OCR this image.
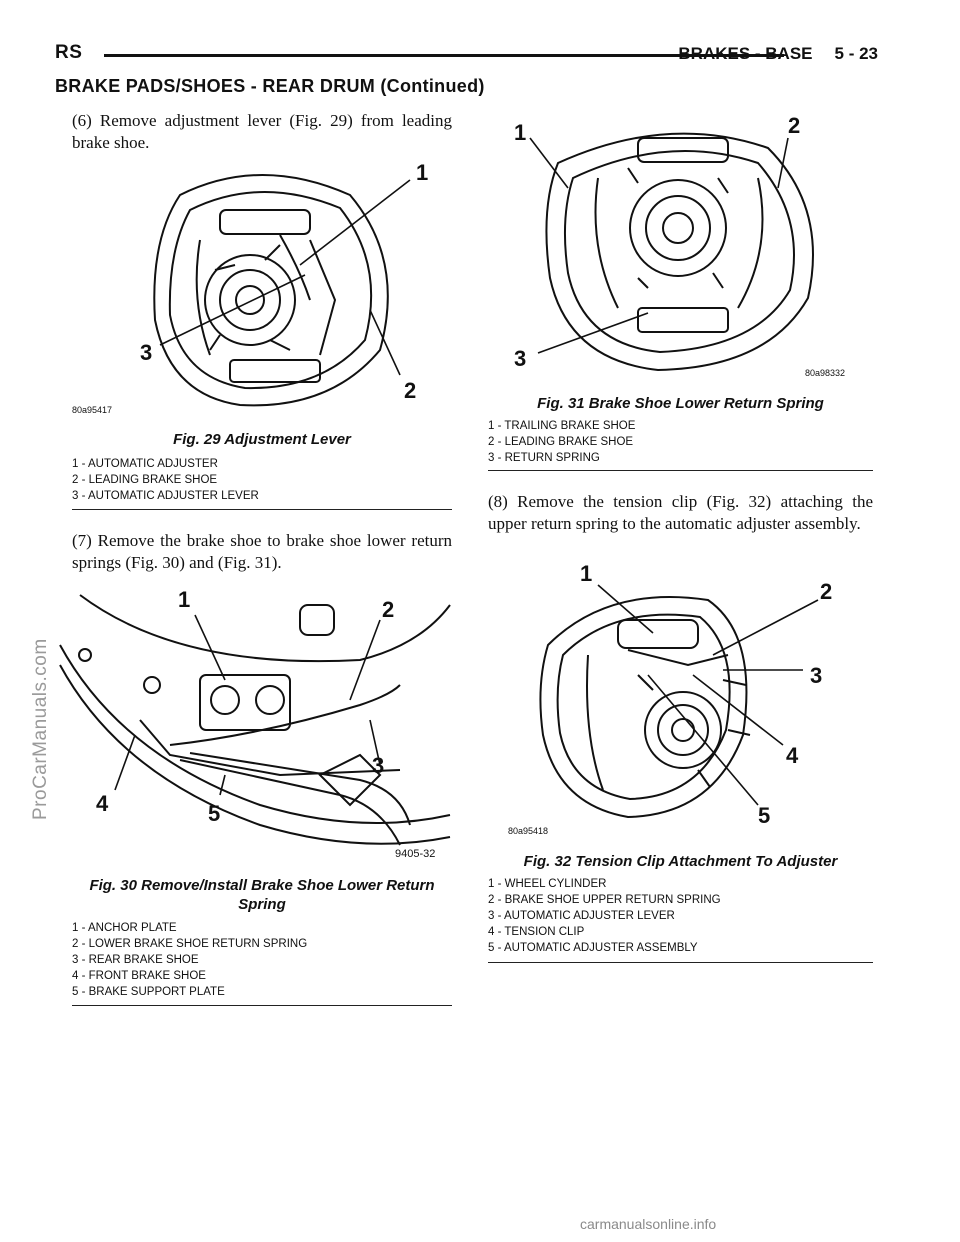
RS	BRAKES - BASE 5 - 23
BRAKE PADS/SHOES - REAR DRUM (Continued)
(6) Remove adjustment lever (Fig. 29) from leading brake shoe.
1
2
3
80a95417
Fig. 29 Adjustment Lever
1 - AUTOMATIC ADJUSTER
2 - LEADING BRAKE SHOE
3 - AUTOMATIC ADJUSTER LEVER
(7) Remove the brake shoe to brake shoe lower return springs (Fig. 30) and (Fig. 31).
1	2
3
4	5
9405-32
Fig. 30 Remove/Install Brake Shoe Lower Return Spring
1 - ANCHOR PLATE
2 - LOWER BRAKE SHOE RETURN SPRING
3 - REAR BRAKE SHOE
4 - FRONT BRAKE SHOE
5 - BRAKE SUPPORT PLATE
1	2
3
80a98332
Fig. 31 Brake Shoe Lower Return Spring
1 - TRAILING BRAKE SHOE
2 - LEADING BRAKE SHOE
3 - RETURN SPRING
(8) Remove the tension clip (Fig. 32) attaching the upper return spring to the automatic adjuster assembly.
1
2
3
4
5
80a95418
Fig. 32 Tension Clip Attachment To Adjuster
1 - WHEEL CYLINDER
2 - BRAKE SHOE UPPER RETURN SPRING
3 - AUTOMATIC ADJUSTER LEVER
4 - TENSION CLIP
5 - AUTOMATIC ADJUSTER ASSEMBLY
ProCarManuals.com
carmanualsonline.info
